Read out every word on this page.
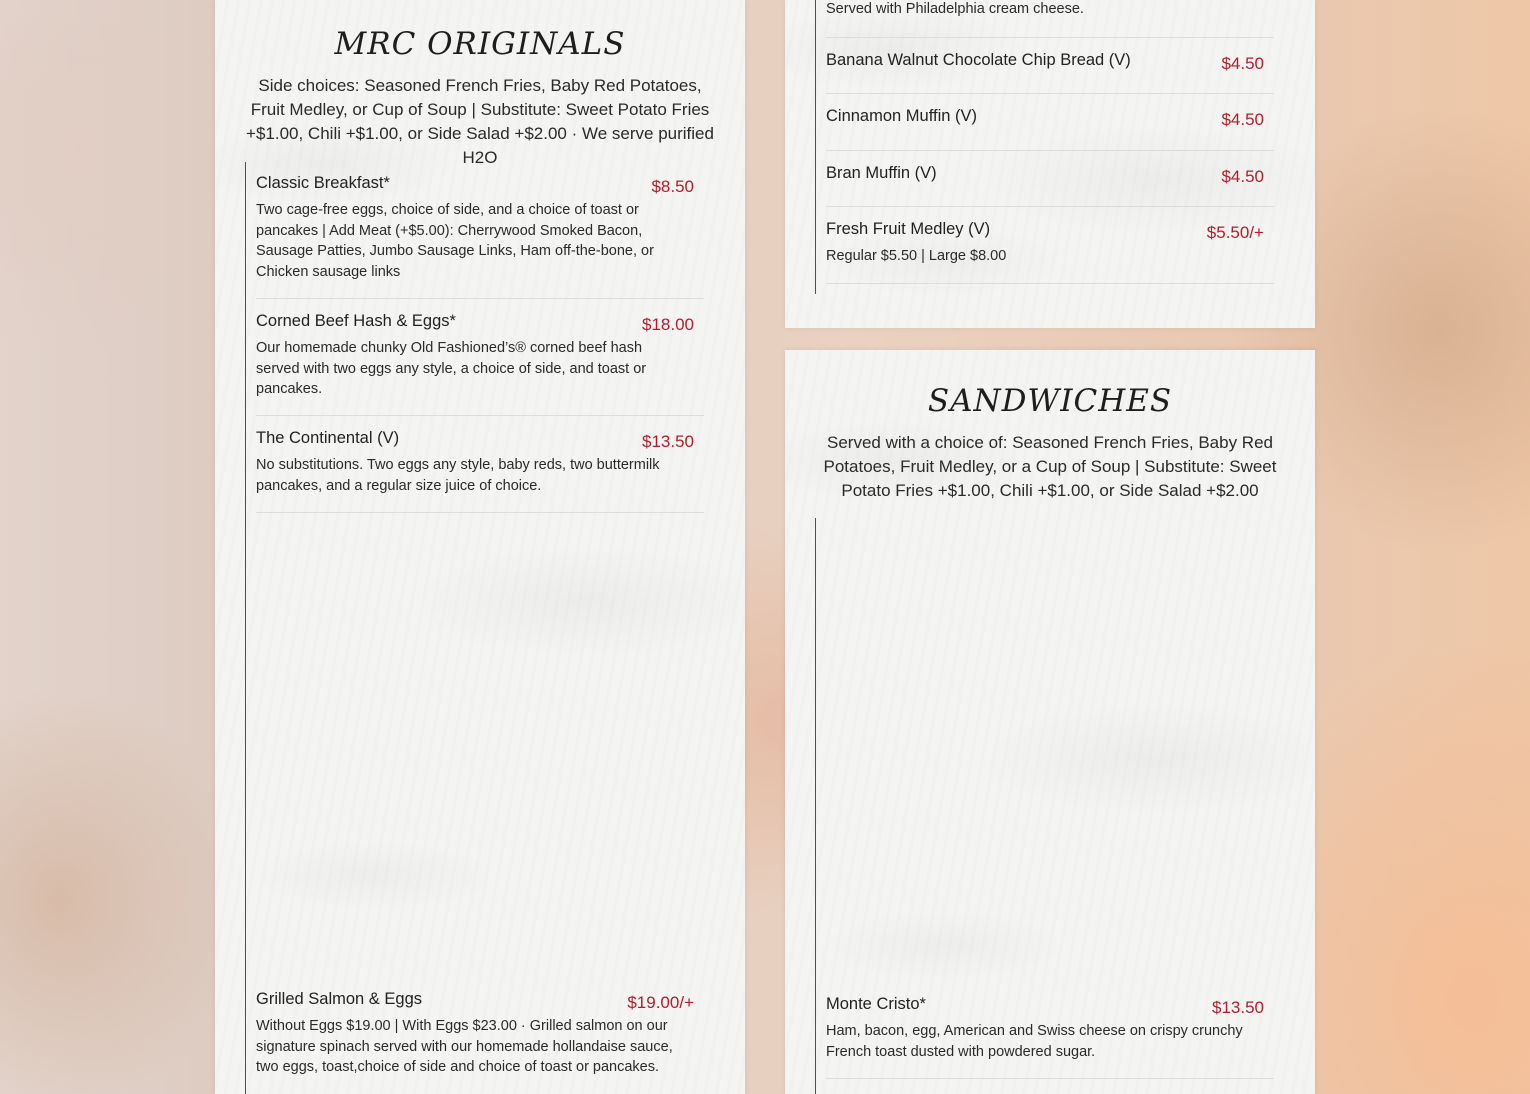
MRC ORIGINALS

Side choices: Seasoned French Fries, Baby Red Potatoes, Fruit Medley, or Cup of Soup | Substitute: Sweet Potato Fries +$1.00, Chili +$1.00, or Side Salad +$2.00 · We serve purified H2O

Classic Breakfast*	$8.50

Two cage-free eggs, choice of side, and a choice of toast or pancakes | Add Meat (+$5.00): Cherrywood Smoked Bacon, Sausage Patties, Jumbo Sausage Links, Ham off-the-bone, or Chicken sausage links

Corned Beef Hash & Eggs*	$18.00

Our homemade chunky Old Fashioned’s® corned beef hash served with two eggs any style, a choice of side, and toast or pancakes.

The Continental (V)	$13.50

No substitutions. Two eggs any style, baby reds, two buttermilk pancakes, and a regular size juice of choice.

Grilled Salmon & Eggs	$19.00/+

Without Eggs $19.00 | With Eggs $23.00 · Grilled salmon on our signature spinach served with our homemade hollandaise sauce, two eggs, toast,choice of side and choice of toast or pancakes.

Served with Philadelphia cream cheese.
Banana Walnut Chocolate Chip Bread (V)	$4.50
Cinnamon Muffin (V)	$4.50
Bran Muffin (V)	$4.50
Fresh Fruit Medley (V)	$5.50/+

Regular $5.50 | Large $8.00

SANDWICHES

Served with a choice of: Seasoned French Fries, Baby Red Potatoes, Fruit Medley, or a Cup of Soup | Substitute: Sweet Potato Fries +$1.00, Chili +$1.00, or Side Salad +$2.00

Monte Cristo*	$13.50

Ham, bacon, egg, American and Swiss cheese on crispy crunchy French toast dusted with powdered sugar.
